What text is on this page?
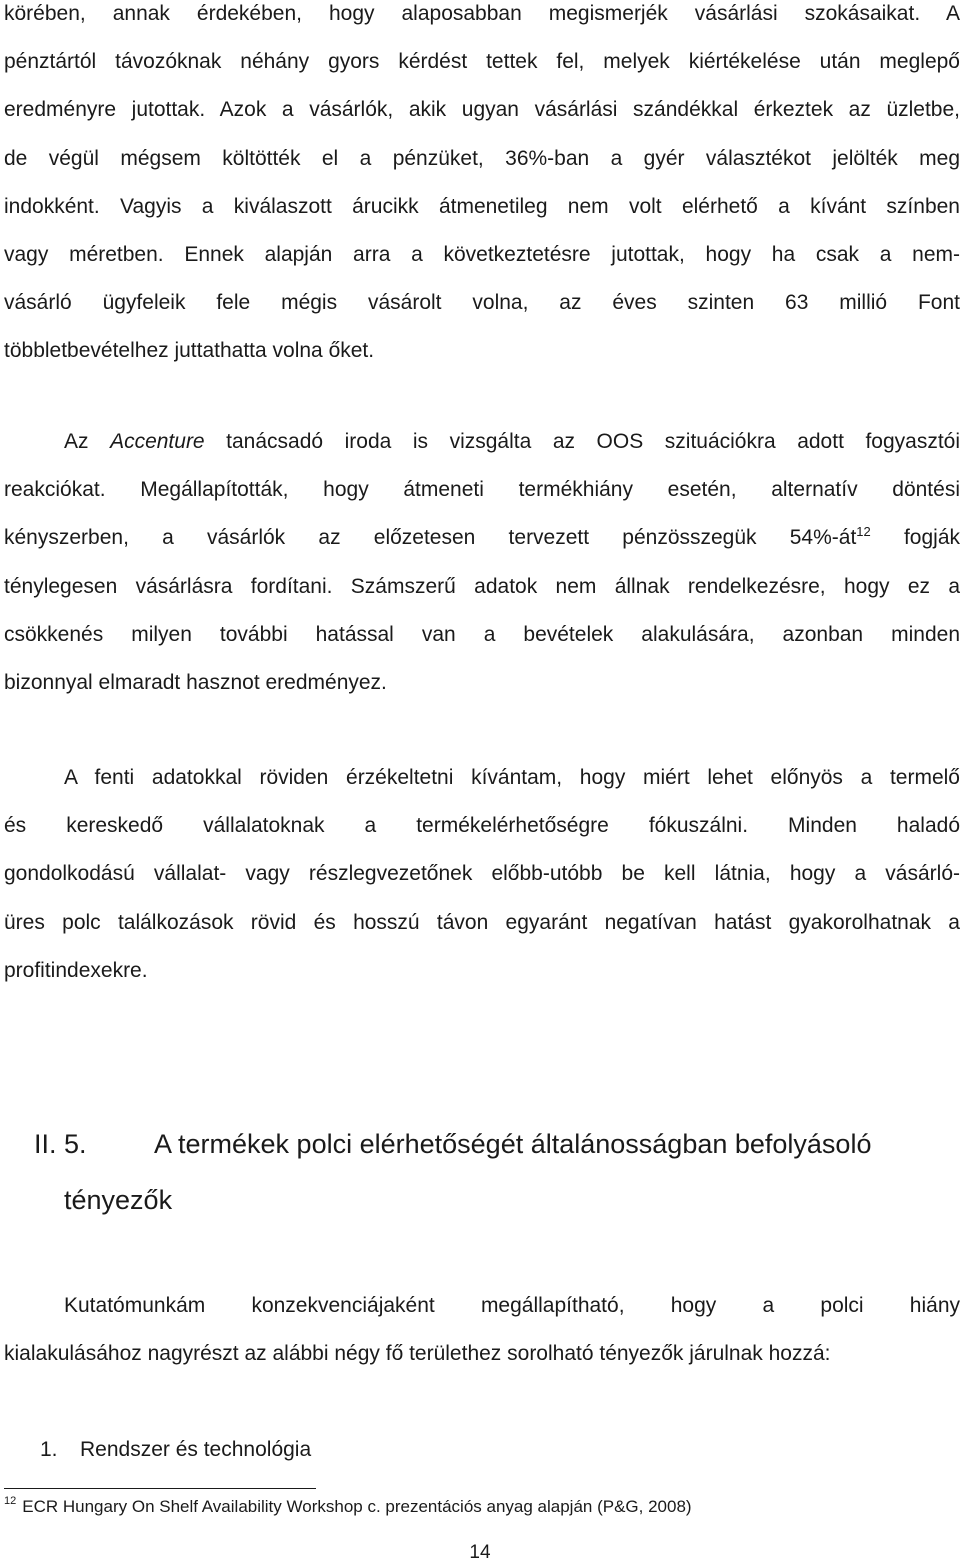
körében, annak érdekében, hogy alaposabban megismerjék vásárlási szokásaikat. A
pénztártól távozóknak néhány gyors kérdést tettek fel, melyek kiértékelése után meglepő
eredményre jutottak. Azok a vásárlók, akik ugyan vásárlási szándékkal érkeztek az üzletbe,
de végül mégsem költötték el a pénzüket, 36%-ban a gyér választékot jelölték meg
indokként. Vagyis a kiválaszott árucikk átmenetileg nem volt elérhető a kívánt színben
vagy méretben. Ennek alapján arra a következtetésre jutottak, hogy ha csak a nem-
vásárló ügyfeleik fele mégis vásárolt volna, az éves szinten 63 millió Font
többletbevételhez juttathatta volna őket.
Az Accenture tanácsadó iroda is vizsgálta az OOS szituációkra adott fogyasztói
reakciókat. Megállapították, hogy átmeneti termékhiány esetén, alternatív döntési
kényszerben, a vásárlók az előzetesen tervezett pénzösszegük 54%-át$^{12}$ fogják
ténylegesen vásárlásra fordítani. Számszerű adatok nem állnak rendelkezésre, hogy ez a
csökkenés milyen további hatással van a bevételek alakulására, azonban minden
bizonnyal elmaradt hasznot eredményez.
A fenti adatokkal röviden érzékeltetni kívántam, hogy miért lehet előnyös a termelő
és kereskedő vállalatoknak a termékelérhetőségre fókuszálni. Minden haladó
gondolkodású vállalat- vagy részlegvezetőnek előbb-utóbb be kell látnia, hogy a vásárló-
üres polc találkozások rövid és hosszú távon egyaránt negatívan hatást gyakorolhatnak a
profitindexekre.
II. 5. A termékek polci elérhetőségét általánosságban befolyásoló
tényezők
Kutatómunkám konzekvenciájaként megállapítható, hogy a polci hiány
kialakulásához nagyrészt az alábbi négy fő területhez sorolható tényezők járulnak hozzá:

1. Rendszer és technológia

$^{12}$ ECR Hungary On Shelf Availability Workshop c. prezentációs anyag alapján (P&G, 2008)

14
